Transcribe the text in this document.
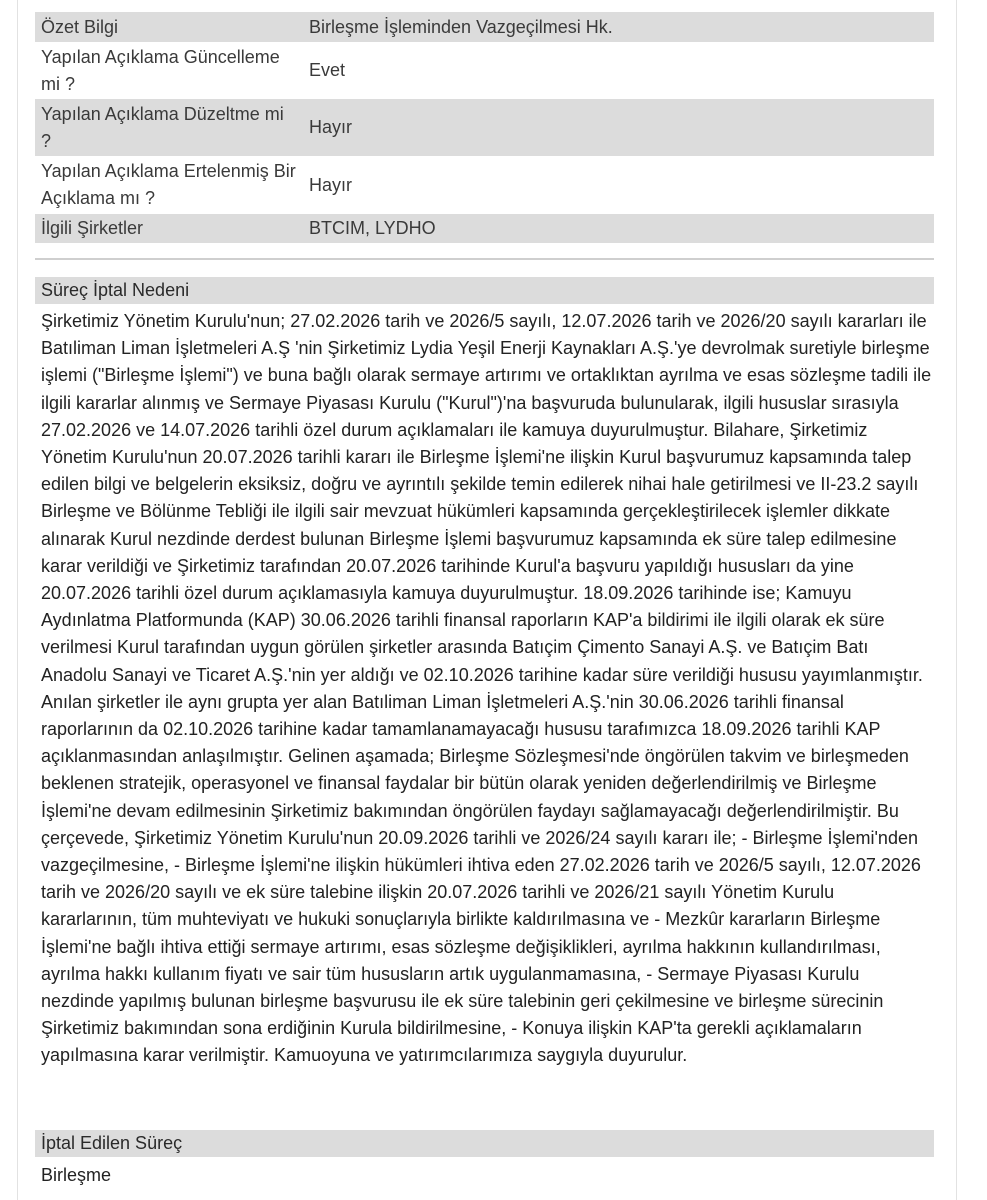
Özet Bilgi	Birleşme İşleminden Vazgeçilmesi Hk.
Yapılan Açıklama Güncelleme mi ?	Evet
Yapılan Açıklama Düzeltme mi ?	Hayır
Yapılan Açıklama Ertelenmiş Bir Açıklama mı ?	Hayır
İlgili Şirketler	BTCIM, LYDHO
Süreç İptal Nedeni

Şirketimiz Yönetim Kurulu'nun; 27.02.2026 tarih ve 2026/5 sayılı, 12.07.2026 tarih ve 2026/20 sayılı kararları ile Batıliman Liman İşletmeleri A.Ş 'nin Şirketimiz Lydia Yeşil Enerji Kaynakları A.Ş.'ye devrolmak suretiyle birleşme işlemi ("Birleşme İşlemi") ve buna bağlı olarak sermaye artırımı ve ortaklıktan ayrılma ve esas sözleşme tadili ile ilgili kararlar alınmış ve Sermaye Piyasası Kurulu ("Kurul")'na başvuruda bulunularak, ilgili hususlar sırasıyla 27.02.2026 ve 14.07.2026 tarihli özel durum açıklamaları ile kamuya duyurulmuştur. Bilahare, Şirketimiz Yönetim Kurulu'nun 20.07.2026 tarihli kararı ile Birleşme İşlemi'ne ilişkin Kurul başvurumuz kapsamında talep edilen bilgi ve belgelerin eksiksiz, doğru ve ayrıntılı şekilde temin edilerek nihai hale getirilmesi ve II-23.2 sayılı Birleşme ve Bölünme Tebliği ile ilgili sair mevzuat hükümleri kapsamında gerçekleştirilecek işlemler dikkate alınarak Kurul nezdinde derdest bulunan Birleşme İşlemi başvurumuz kapsamında ek süre talep edilmesine karar verildiği ve Şirketimiz tarafından 20.07.2026 tarihinde Kurul'a başvuru yapıldığı hususları da yine 20.07.2026 tarihli özel durum açıklamasıyla kamuya duyurulmuştur. 18.09.2026 tarihinde ise; Kamuyu Aydınlatma Platformunda (KAP) 30.06.2026 tarihli finansal raporların KAP'a bildirimi ile ilgili olarak ek süre verilmesi Kurul tarafından uygun görülen şirketler arasında Batıçim Çimento Sanayi A.Ş. ve Batıçim Batı Anadolu Sanayi ve Ticaret A.Ş.'nin yer aldığı ve 02.10.2026 tarihine kadar süre verildiği hususu yayımlanmıştır. Anılan şirketler ile aynı grupta yer alan Batıliman Liman İşletmeleri A.Ş.'nin 30.06.2026 tarihli finansal raporlarının da 02.10.2026 tarihine kadar tamamlanamayacağı hususu tarafımızca 18.09.2026 tarihli KAP açıklanmasından anlaşılmıştır. Gelinen aşamada; Birleşme Sözleşmesi'nde öngörülen takvim ve birleşmeden beklenen stratejik, operasyonel ve finansal faydalar bir bütün olarak yeniden değerlendirilmiş ve Birleşme İşlemi'ne devam edilmesinin Şirketimiz bakımından öngörülen faydayı sağlamayacağı değerlendirilmiştir. Bu çerçevede, Şirketimiz Yönetim Kurulu'nun 20.09.2026 tarihli ve 2026/24 sayılı kararı ile; - Birleşme İşlemi'nden vazgeçilmesine, - Birleşme İşlemi'ne ilişkin hükümleri ihtiva eden 27.02.2026 tarih ve 2026/5 sayılı, 12.07.2026 tarih ve 2026/20 sayılı ve ek süre talebine ilişkin 20.07.2026 tarihli ve 2026/21 sayılı Yönetim Kurulu kararlarının, tüm muhteviyatı ve hukuki sonuçlarıyla birlikte kaldırılmasına ve - Mezkûr kararların Birleşme İşlemi'ne bağlı ihtiva ettiği sermaye artırımı, esas sözleşme değişiklikleri, ayrılma hakkının kullandırılması, ayrılma hakkı kullanım fiyatı ve sair tüm hususların artık uygulanmamasına, - Sermaye Piyasası Kurulu nezdinde yapılmış bulunan birleşme başvurusu ile ek süre talebinin geri çekilmesine ve birleşme sürecinin Şirketimiz bakımından sona erdiğinin Kurula bildirilmesine, - Konuya ilişkin KAP'ta gerekli açıklamaların yapılmasına karar verilmiştir. Kamuoyuna ve yatırımcılarımıza saygıyla duyurulur.

İptal Edilen Süreç
Birleşme
